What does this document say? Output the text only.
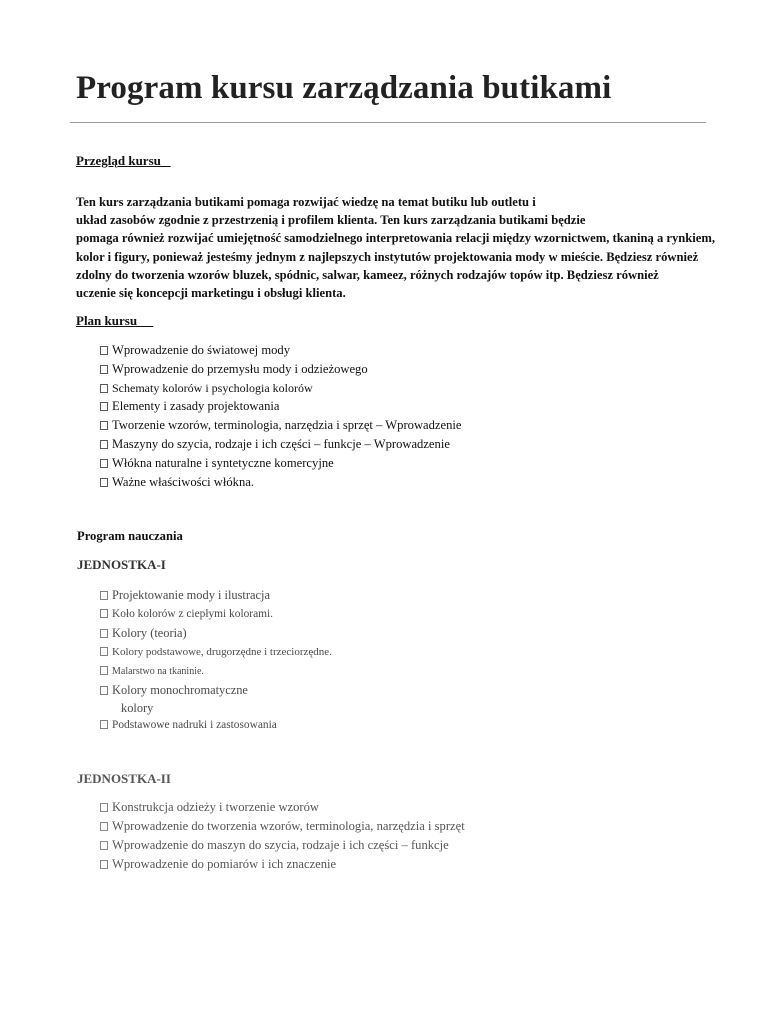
Program kursu zarządzania butikami
Przegląd kursu

Ten kurs zarządzania butikami pomaga rozwijać wiedzę na temat butiku lub outletu i
układ zasobów zgodnie z przestrzenią i profilem klienta. Ten kurs zarządzania butikami będzie
pomaga również rozwijać umiejętność samodzielnego interpretowania relacji między wzornictwem, tkaniną a rynkiem,
kolor i figury, ponieważ jesteśmy jednym z najlepszych instytutów projektowania mody w mieście. Będziesz również
zdolny do tworzenia wzorów bluzek, spódnic, salwar, kameez, różnych rodzajów topów itp. Będziesz również
uczenie się koncepcji marketingu i obsługi klienta.

Plan kursu
Wprowadzenie do światowej mody
Wprowadzenie do przemysłu mody i odzieżowego
Schematy kolorów i psychologia kolorów
Elementy i zasady projektowania
Tworzenie wzorów, terminologia, narzędzia i sprzęt – Wprowadzenie
Maszyny do szycia, rodzaje i ich części – funkcje – Wprowadzenie
Włókna naturalne i syntetyczne komercyjne
Ważne właściwości włókna.
Program nauczania
JEDNOSTKA-I
Projektowanie mody i ilustracja
Koło kolorów z ciepłymi kolorami.
Kolory (teoria)
Kolory podstawowe, drugorzędne i trzeciorzędne.
Malarstwo na tkaninie.
Kolory monochromatyczne
kolory
Podstawowe nadruki i zastosowania
JEDNOSTKA-II
Konstrukcja odzieży i tworzenie wzorów
Wprowadzenie do tworzenia wzorów, terminologia, narzędzia i sprzęt
Wprowadzenie do maszyn do szycia, rodzaje i ich części – funkcje
Wprowadzenie do pomiarów i ich znaczenie
